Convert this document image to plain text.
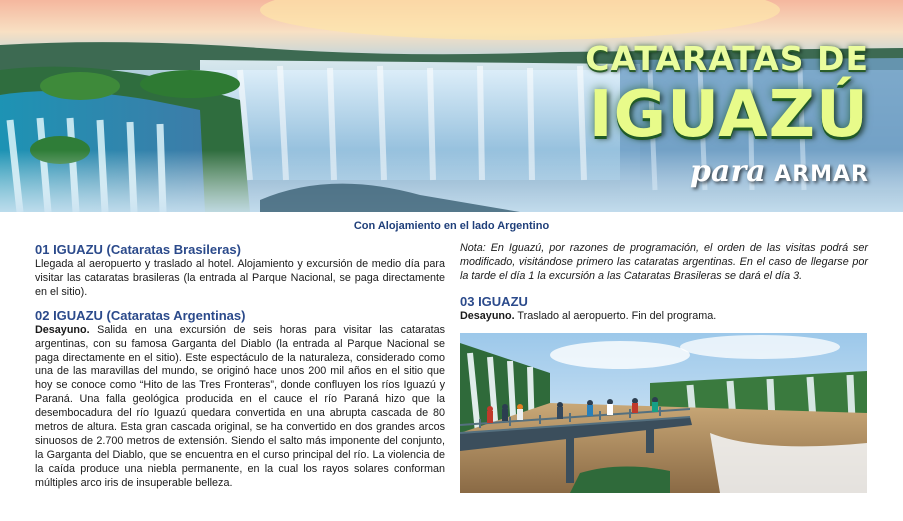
CATARATAS DE
IGUAZÚ
para ARMAR
Con Alojamiento en el lado Argentino
01 IGUAZU (Cataratas Brasileras)

Llegada al aeropuerto y traslado al hotel. Alojamiento y excursión de medio día para visitar las cataratas brasileras (la entrada al Parque Nacional, se paga directamente en el sitio).

02 IGUAZU (Cataratas Argentinas)

Desayuno. Salida en una excursión de seis horas para visitar las cataratas argentinas, con su famosa Garganta del Diablo (la entrada al Parque Nacional se paga directamente en el sitio). Este espectáculo de la naturaleza, considerado como una de las maravillas del mundo, se originó hace unos 200 mil años en el sitio que hoy se conoce como “Hito de las Tres Fronteras”, donde confluyen los ríos Iguazú y Paraná. Una falla geológica producida en el cauce el río Paraná hizo que la desembocadura del río Iguazú quedara convertida en una abrupta cascada de 80 metros de altura. Esta gran cascada original, se ha convertido en dos grandes arcos sinuosos de 2.700 metros de extensión. Siendo el salto más imponente del conjunto, la Garganta del Diablo, que se encuentra en el curso principal del río. La violencia de la caída produce una niebla permanente, en la cual los rayos solares conforman múltiples arco iris de insuperable belleza.

Nota: En Iguazú, por razones de programación, el orden de las visitas podrá ser modificado, visitándose primero las cataratas argentinas. En el caso de llegarse por la tarde el día 1 la excursión a las Cataratas Brasileras se dará el día 3.

03 IGUAZU

Desayuno. Traslado al aeropuerto. Fin del programa.
